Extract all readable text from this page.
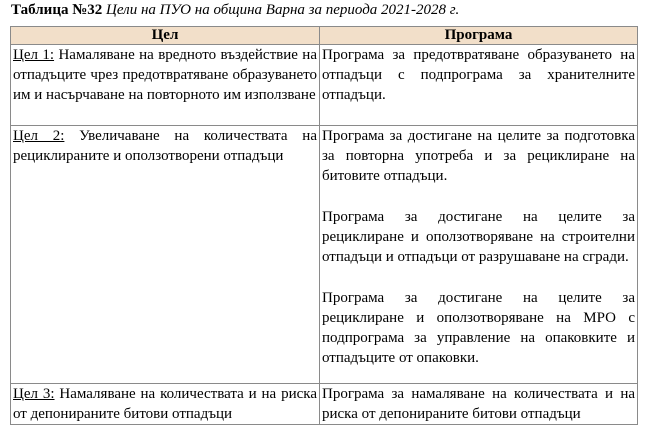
Таблица №32 Цели на ПУО на община Варна за периода 2021-2028 г.
Цел	Програма
Цел 1: Намаляване на вредното въздействие на отпадъците чрез предотвратяване образуването им и насърчаване на повторното им използване	Програма за предотвратяване образуването на отпадъци с подпрограма за хранителните отпадъци.

Цел 2: Увеличаване на количествата на рециклираните и оползотворени отпадъци	Програма за достигане на целите за подготовка за повторна употреба и за рециклиране на битовите отпадъци.

Програма за достигане на целите за рециклиране и оползотворяване на строителни отпадъци и отпадъци от разрушаване на сгради.

Програма за достигане на целите за рециклиране и оползотворяване на МРО с подпрограма за управление на опаковките и отпадъците от опаковки.

Цел 3: Намаляване на количествата и на риска от депонираните битови отпадъци	Програма за намаляване на количествата и на риска от депонираните битови отпадъци
